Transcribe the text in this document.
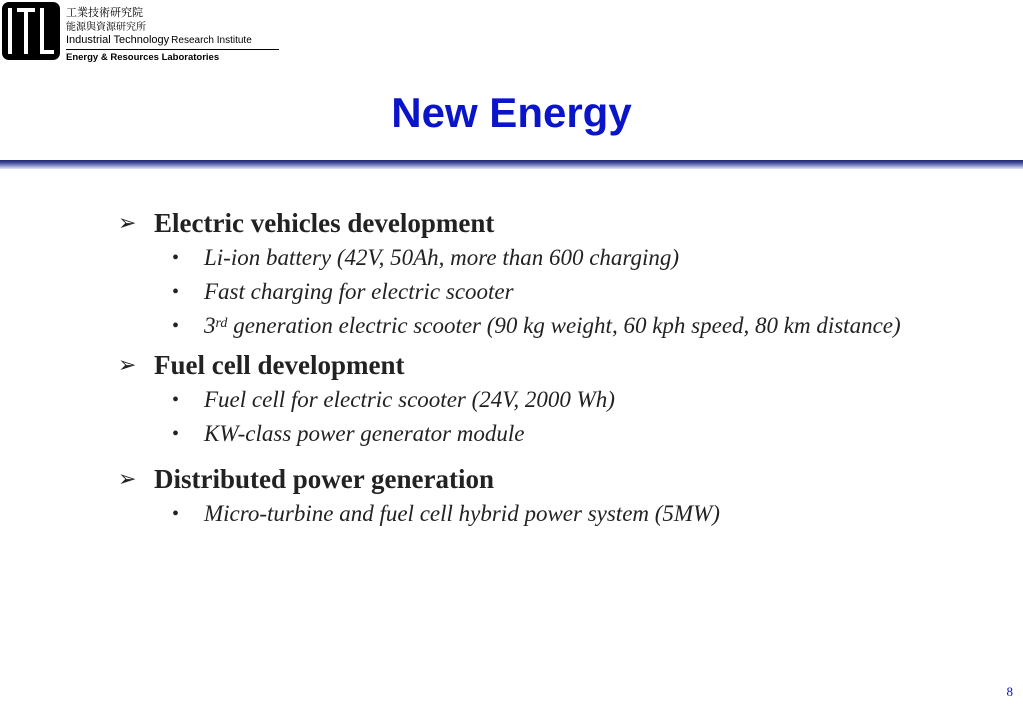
工業技術研究院
能源與資源研究所
Industrial Technology Research Institute
Energy & Resources Laboratories
New Energy
➢ Electric vehicles development
• Li-ion battery (42V, 50Ah, more than 600 charging)
• Fast charging for electric scooter
• 3rd generation electric scooter (90 kg weight, 60 kph speed, 80 km distance)
➢ Fuel cell development
• Fuel cell for electric scooter (24V, 2000 Wh)
• KW-class power generator module
➢ Distributed power generation
• Micro-turbine and fuel cell hybrid power system (5MW)
8
